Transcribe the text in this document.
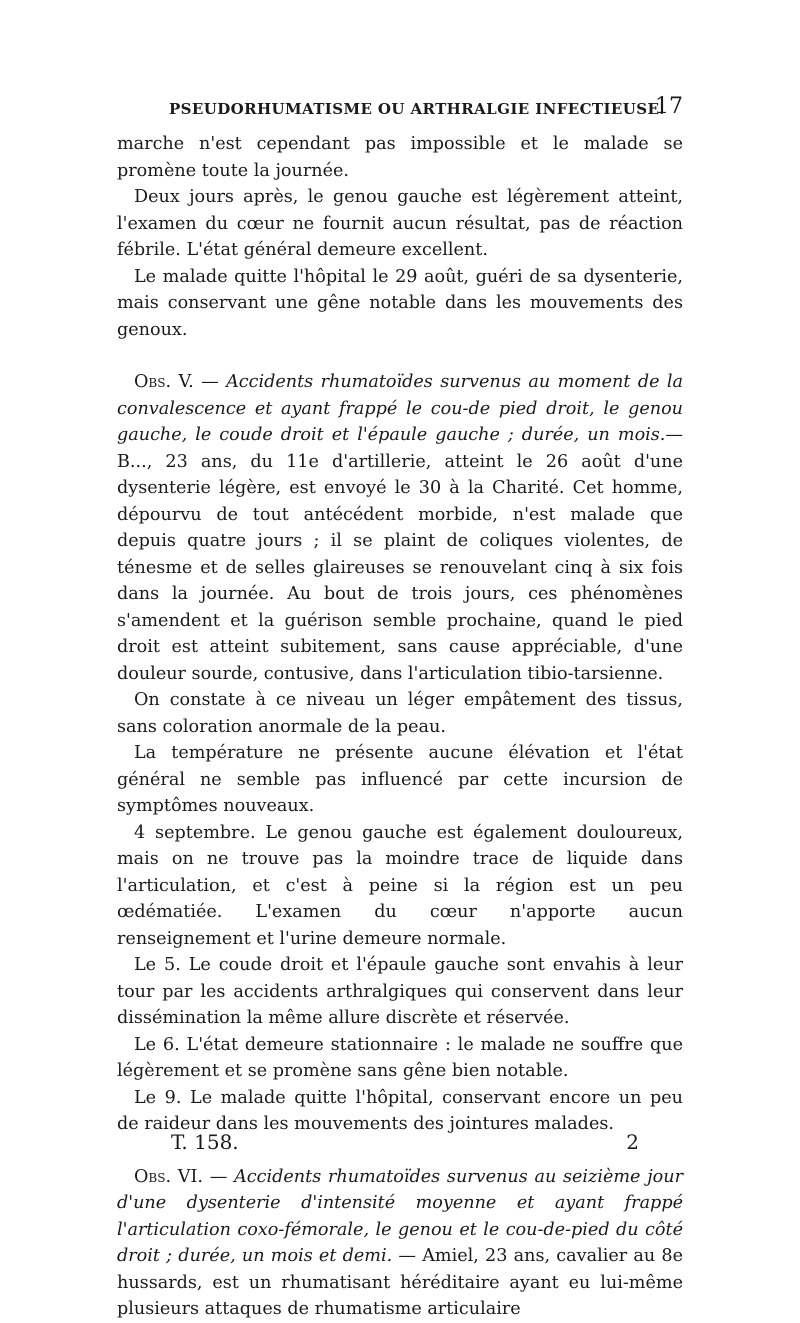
PSEUDORHUMATISME OU ARTHRALGIE INFECTIEUSE.
17

marche n'est cependant pas impossible et le malade se promène toute la journée.

Deux jours après, le genou gauche est légèrement atteint, l'examen du cœur ne fournit aucun résultat, pas de réaction fébrile. L'état général demeure excellent.

Le malade quitte l'hôpital le 29 août, guéri de sa dysenterie, mais conservant une gêne notable dans les mouvements des genoux.

Obs. V. — Accidents rhumatoïdes survenus au moment de la convalescence et ayant frappé le cou-de pied droit, le genou gauche, le coude droit et l'épaule gauche ; durée, un mois.— B..., 23 ans, du 11e d'artillerie, atteint le 26 août d'une dysenterie légère, est envoyé le 30 à la Charité. Cet homme, dépourvu de tout antécédent morbide, n'est malade que depuis quatre jours ; il se plaint de coliques violentes, de ténesme et de selles glaireuses se renouvelant cinq à six fois dans la journée. Au bout de trois jours, ces phénomènes s'amendent et la guérison semble prochaine, quand le pied droit est atteint subitement, sans cause appréciable, d'une douleur sourde, contusive, dans l'articulation tibio-tarsienne.

On constate à ce niveau un léger empâtement des tissus, sans coloration anormale de la peau.

La température ne présente aucune élévation et l'état général ne semble pas influencé par cette incursion de symptômes nouveaux.

4 septembre. Le genou gauche est également douloureux, mais on ne trouve pas la moindre trace de liquide dans l'articulation, et c'est à peine si la région est un peu œdématiée. L'examen du cœur n'apporte aucun renseignement et l'urine demeure normale.

Le 5. Le coude droit et l'épaule gauche sont envahis à leur tour par les accidents arthralgiques qui conservent dans leur dissémination la même allure discrète et réservée.

Le 6. L'état demeure stationnaire : le malade ne souffre que légèrement et se promène sans gêne bien notable.

Le 9. Le malade quitte l'hôpital, conservant encore un peu de raideur dans les mouvements des jointures malades.

Obs. VI. — Accidents rhumatoïdes survenus au seizième jour d'une dysenterie d'intensité moyenne et ayant frappé l'articulation coxo-fémorale, le genou et le cou-de-pied du côté droit ; durée, un mois et demi. — Amiel, 23 ans, cavalier au 8e hussards, est un rhumatisant héréditaire ayant eu lui-même plusieurs attaques de rhumatisme articulaire

T. 158.	2
